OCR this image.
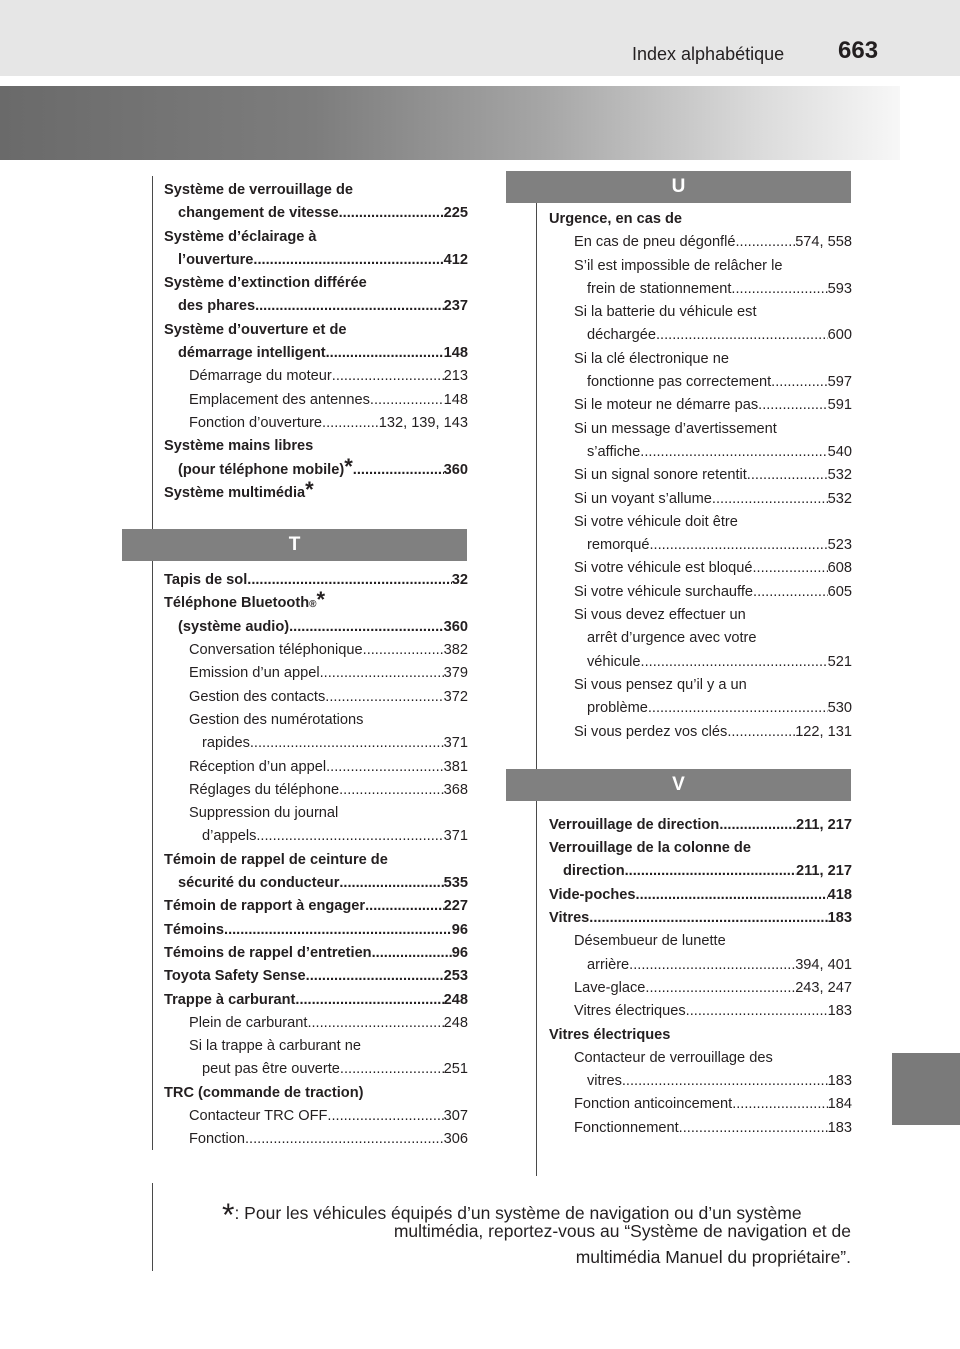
Index alphabétique 663
T
U
V
Système de verrouillage de
changement de vitesse .....	225
Système d’éclairage à
l’ouverture .....	412
Système d’extinction différée
des phares .....	237
Système d’ouverture et de
démarrage intelligent .....	148
Démarrage du moteur .....	213
Emplacement des antennes .....	148
Fonction d’ouverture .....	132, 139, 143
Système mains libres
(pour téléphone mobile) * .....	360
Système multimédia *
Tapis de sol .....	32
Téléphone Bluetooth ® *
(système audio) .....	360
Conversation téléphonique .....	382
Emission d’un appel .....	379
Gestion des contacts .....	372
Gestion des numérotations
rapides .....	371
Réception d’un appel .....	381
Réglages du téléphone .....	368
Suppression du journal
d’appels .....	371
Témoin de rappel de ceinture de
sécurité du conducteur .....	535
Témoin de rapport à engager .....	227
Témoins .....	96
Témoins de rappel d’entretien .....	96
Toyota Safety Sense .....	253
Trappe à carburant .....	248
Plein de carburant .....	248
Si la trappe à carburant ne
peut pas être ouverte .....	251
TRC (commande de traction)
Contacteur TRC OFF .....	307
Fonction .....	306
Urgence, en cas de
En cas de pneu dégonflé .....	574, 558
S’il est impossible de relâcher le
frein de stationnement .....	593
Si la batterie du véhicule est
déchargée .....	600
Si la clé électronique ne
fonctionne pas correctement .....	597
Si le moteur ne démarre pas .....	591
Si un message d’avertissement
s’affiche .....	540
Si un signal sonore retentit .....	532
Si un voyant s’allume .....	532
Si votre véhicule doit être
remorqué .....	523
Si votre véhicule est bloqué .....	608
Si votre véhicule surchauffe .....	605
Si vous devez effectuer un
arrêt d’urgence avec votre
véhicule .....	521
Si vous pensez qu’il y a un
problème .....	530
Si vous perdez vos clés .....	122, 131
Verrouillage de direction .....	211, 217
Verrouillage de la colonne de
direction .....	211, 217
Vide-poches .....	418
Vitres .....	183
Désembueur de lunette
arrière .....	394, 401
Lave-glace .....	243, 247
Vitres électriques .....	183
Vitres électriques
Contacteur de verrouillage des
vitres .....	183
Fonction anticoincement .....	184
Fonctionnement .....	183
*: Pour les véhicules équipés d’un système de navigation ou d’un système
multimédia, reportez-vous au “Système de navigation et de
multimédia Manuel du propriétaire”.
